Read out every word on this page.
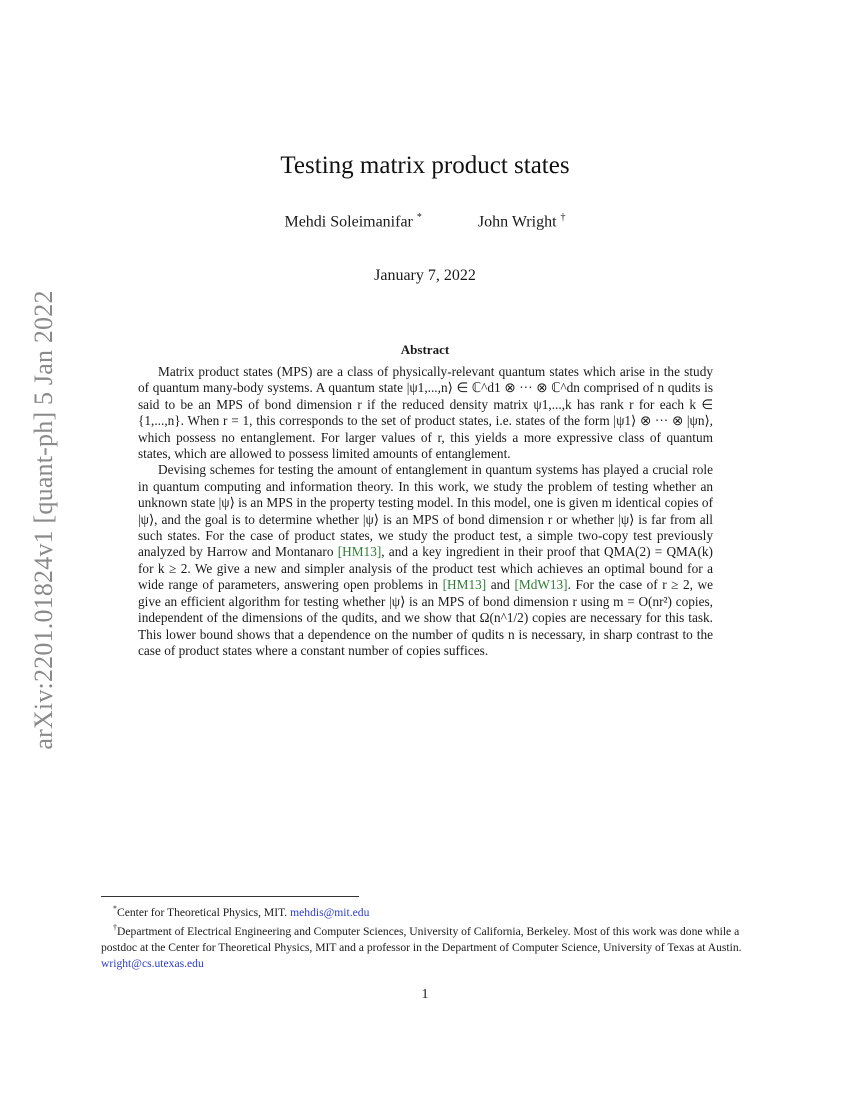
arXiv:2201.01824v1 [quant-ph] 5 Jan 2022
Testing matrix product states
Mehdi Soleimanifar *	John Wright †
January 7, 2022
Abstract

Matrix product states (MPS) are a class of physically-relevant quantum states which arise in the study of quantum many-body systems. A quantum state |ψ1,...,n⟩ ∈ ℂ^d1 ⊗ ··· ⊗ ℂ^dn comprised of n qudits is said to be an MPS of bond dimension r if the reduced density matrix ψ1,...,k has rank r for each k ∈ {1,...,n}. When r = 1, this corresponds to the set of product states, i.e. states of the form |ψ1⟩ ⊗ ··· ⊗ |ψn⟩, which possess no entanglement. For larger values of r, this yields a more expressive class of quantum states, which are allowed to possess limited amounts of entanglement.

Devising schemes for testing the amount of entanglement in quantum systems has played a crucial role in quantum computing and information theory. In this work, we study the problem of testing whether an unknown state |ψ⟩ is an MPS in the property testing model. In this model, one is given m identical copies of |ψ⟩, and the goal is to determine whether |ψ⟩ is an MPS of bond dimension r or whether |ψ⟩ is far from all such states. For the case of product states, we study the product test, a simple two-copy test previously analyzed by Harrow and Montanaro [HM13], and a key ingredient in their proof that QMA(2) = QMA(k) for k ≥ 2. We give a new and simpler analysis of the product test which achieves an optimal bound for a wide range of parameters, answering open problems in [HM13] and [MdW13]. For the case of r ≥ 2, we give an efficient algorithm for testing whether |ψ⟩ is an MPS of bond dimension r using m = O(nr²) copies, independent of the dimensions of the qudits, and we show that Ω(n^1/2) copies are necessary for this task. This lower bound shows that a dependence on the number of qudits n is necessary, in sharp contrast to the case of product states where a constant number of copies suffices.

*Center for Theoretical Physics, MIT. mehdis@mit.edu

†Department of Electrical Engineering and Computer Sciences, University of California, Berkeley. Most of this work was done while a postdoc at the Center for Theoretical Physics, MIT and a professor in the Department of Computer Science, University of Texas at Austin. wright@cs.utexas.edu

1
